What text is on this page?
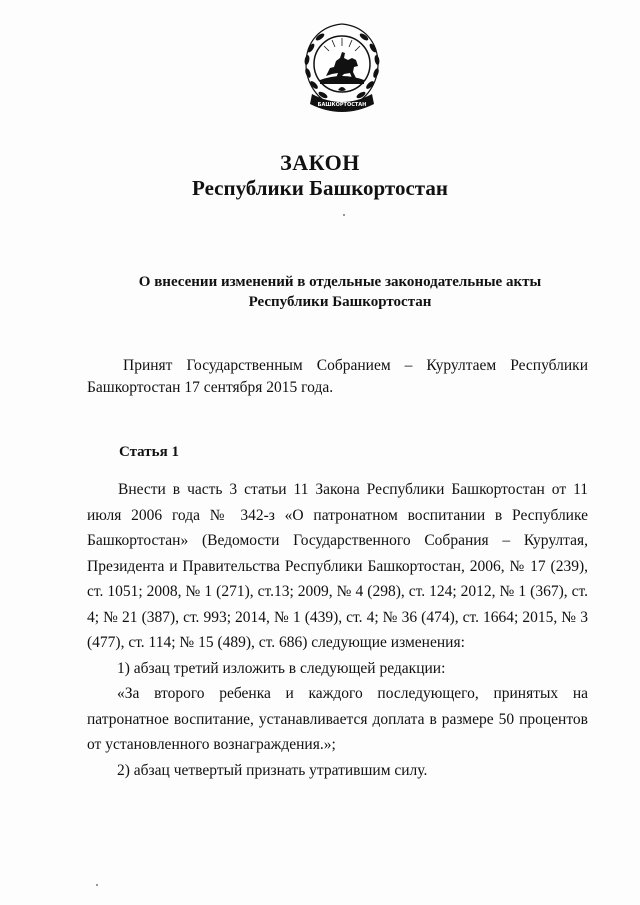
БАШКОРТОСТАН
ЗАКОН
Республики Башкортостан
О внесении изменений в отдельные законодательные акты
Республики Башкортостан

Принят Государственным Собранием – Курултаем Республики Башкортостан 17 сентября 2015 года.

Статья 1

Внести в часть 3 статьи 11 Закона Республики Башкортостан от 11 июля 2006 года № 342-з «О патронатном воспитании в Республике Башкортостан» (Ведомости Государственного Собрания – Курултая, Президента и Правительства Республики Башкортостан, 2006, № 17 (239), ст. 1051; 2008, № 1 (271), ст.13; 2009, № 4 (298), ст. 124; 2012, № 1 (367), ст. 4; № 21 (387), ст. 993; 2014, № 1 (439), ст. 4; № 36 (474), ст. 1664; 2015, № 3 (477), ст. 114; № 15 (489), ст. 686) следующие изменения:

1) абзац третий изложить в следующей редакции:

«За второго ребенка и каждого последующего, принятых на патронатное воспитание, устанавливается доплата в размере 50 процентов от установленного вознаграждения.»;

2) абзац четвертый признать утратившим силу.
